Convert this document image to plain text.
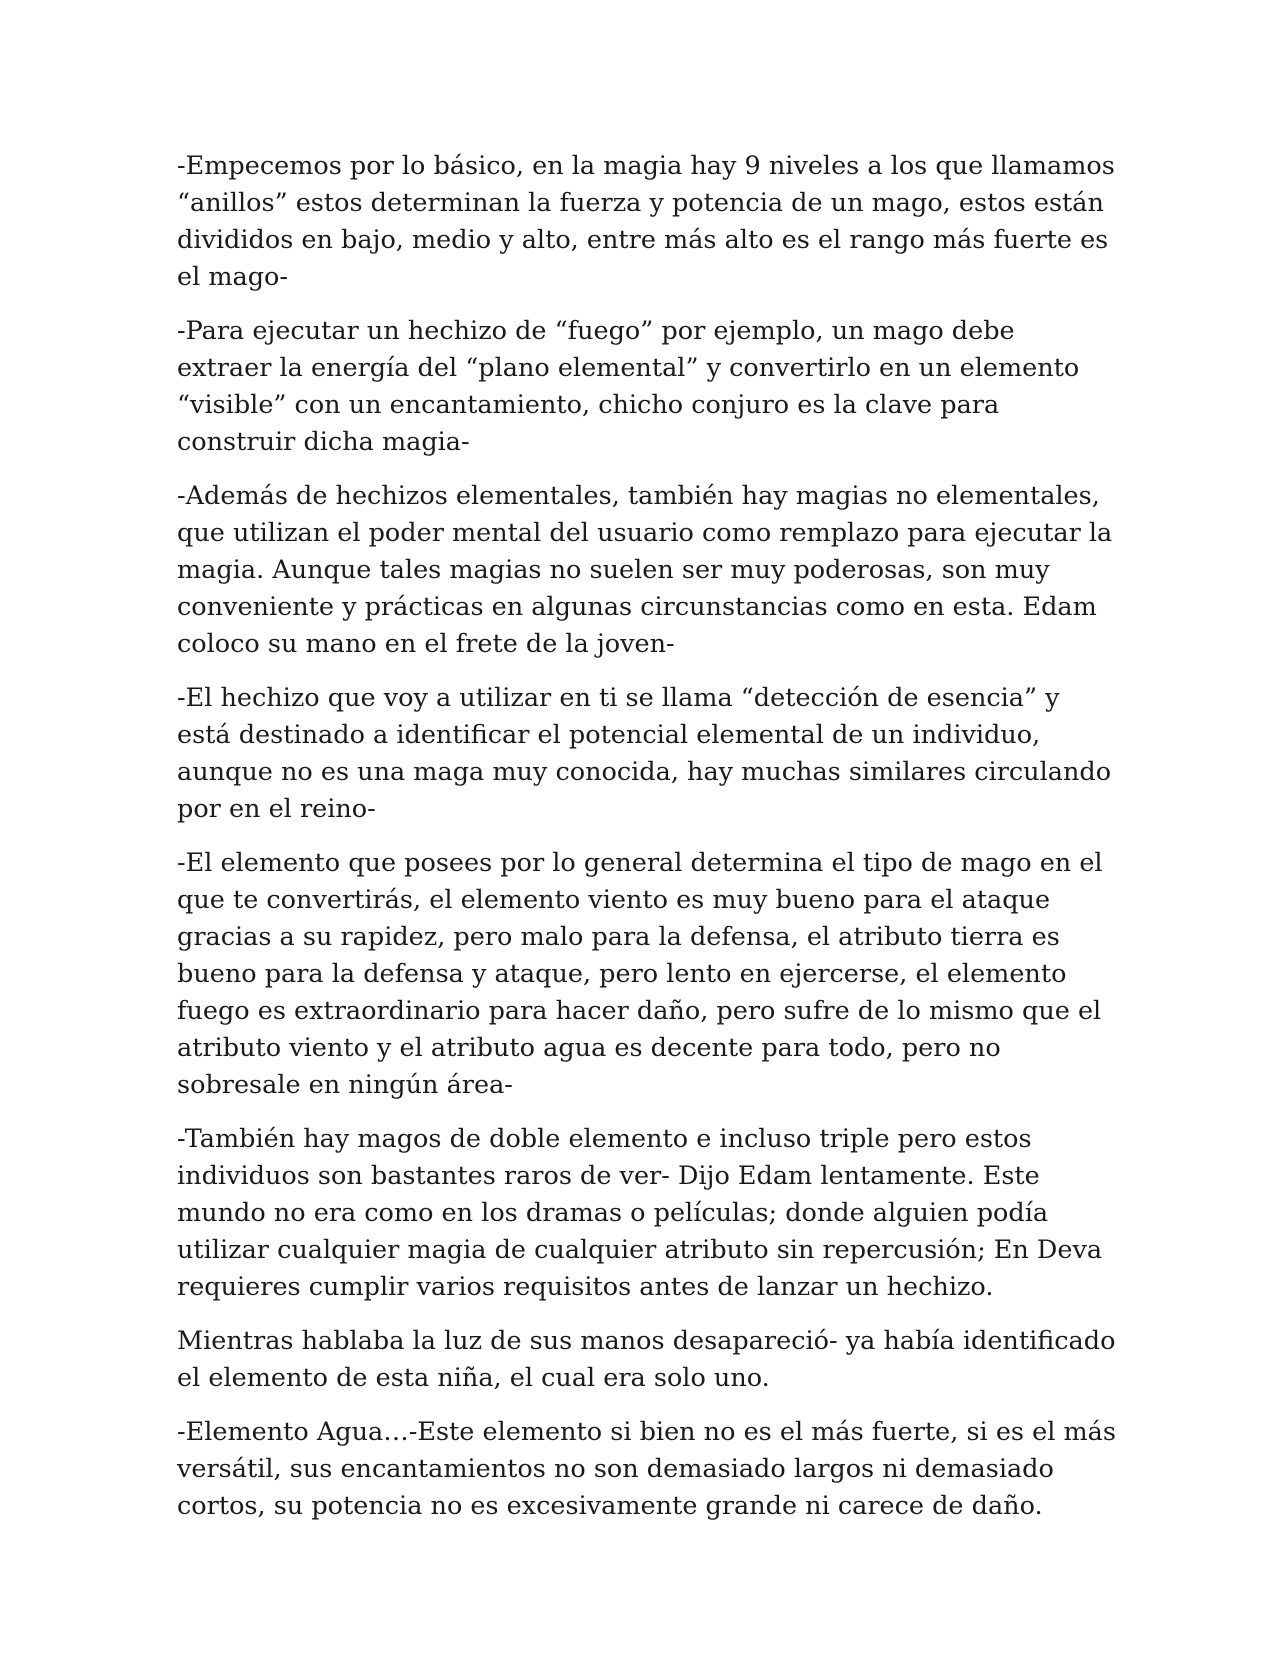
-Empecemos por lo básico, en la magia hay 9 niveles a los que llamamos “anillos” estos determinan la fuerza y potencia de un mago, estos están divididos en bajo, medio y alto, entre más alto es el rango más fuerte es el mago-

-Para ejecutar un hechizo de “fuego” por ejemplo, un mago debe extraer la energía del “plano elemental” y convertirlo en un elemento “visible” con un encantamiento, chicho conjuro es la clave para construir dicha magia-

-Además de hechizos elementales, también hay magias no elementales, que utilizan el poder mental del usuario como remplazo para ejecutar la magia. Aunque tales magias no suelen ser muy poderosas, son muy conveniente y prácticas en algunas circunstancias como en esta. Edam coloco su mano en el frete de la joven-

-El hechizo que voy a utilizar en ti se llama “detección de esencia” y está destinado a identificar el potencial elemental de un individuo, aunque no es una maga muy conocida, hay muchas similares circulando por en el reino-

-El elemento que posees por lo general determina el tipo de mago en el que te convertirás, el elemento viento es muy bueno para el ataque gracias a su rapidez, pero malo para la defensa, el atributo tierra es bueno para la defensa y ataque, pero lento en ejercerse, el elemento fuego es extraordinario para hacer daño, pero sufre de lo mismo que el atributo viento y el atributo agua es decente para todo, pero no sobresale en ningún área-

-También hay magos de doble elemento e incluso triple pero estos individuos son bastantes raros de ver- Dijo Edam lentamente. Este mundo no era como en los dramas o películas; donde alguien podía utilizar cualquier magia de cualquier atributo sin repercusión; En Deva requieres cumplir varios requisitos antes de lanzar un hechizo.

Mientras hablaba la luz de sus manos desapareció- ya había identificado el elemento de esta niña, el cual era solo uno.

-Elemento Agua…-Este elemento si bien no es el más fuerte, si es el más versátil, sus encantamientos no son demasiado largos ni demasiado cortos, su potencia no es excesivamente grande ni carece de daño.
